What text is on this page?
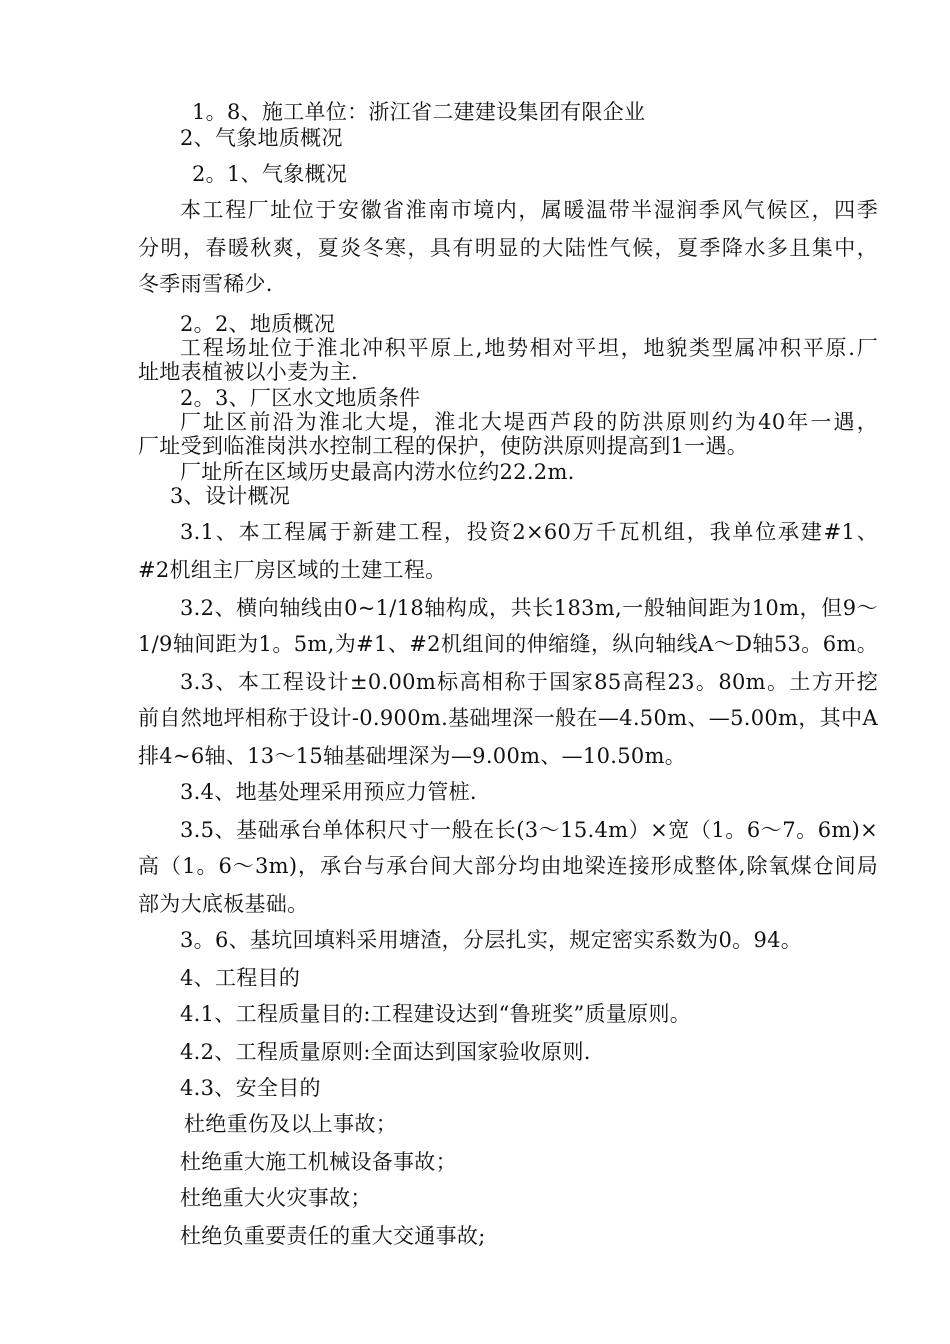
1。8、施工单位：浙江省二建建设集团有限企业
2、气象地质概况
2。1、气象概况
本工程厂址位于安徽省淮南市境内，属暖温带半湿润季风气候区，四季
分明，春暖秋爽，夏炎冬寒，具有明显的大陆性气候，夏季降水多且集中，
冬季雨雪稀少.
2。2、地质概况
工程场址位于淮北冲积平原上,地势相对平坦，地貌类型属冲积平原.厂
址地表植被以小麦为主.
2。3、厂区水文地质条件
厂址区前沿为淮北大堤，淮北大堤西芦段的防洪原则约为40年一遇，
厂址受到临淮岗洪水控制工程的保护，使防洪原则提高到1一遇。
厂址所在区域历史最高内涝水位约22.2m.
3、设计概况
3.1、本工程属于新建工程，投资2×60万千瓦机组，我单位承建#1、
#2机组主厂房区域的土建工程。
3.2、横向轴线由0~1/18轴构成，共长183m,一般轴间距为10m，但9～
1/9轴间距为1。5m,为#1、#2机组间的伸缩缝，纵向轴线A～D轴53。6m。
3.3、本工程设计±0.00m标高相称于国家85高程23。80m。土方开挖
前自然地坪相称于设计-0.900m.基础埋深一般在—4.50m、—5.00m，其中A
排4~6轴、13～15轴基础埋深为—9.00m、—10.50m。
3.4、地基处理采用预应力管桩.
3.5、基础承台单体积尺寸一般在长(3～15.4m）×宽（1。6～7。6m)×
高（1。6～3m)，承台与承台间大部分均由地梁连接形成整体,除氧煤仓间局
部为大底板基础。
3。6、基坑回填料采用塘渣，分层扎实，规定密实系数为0。94。
4、工程目的
4.1、工程质量目的:工程建设达到“鲁班奖”质量原则。
4.2、工程质量原则:全面达到国家验收原则.
4.3、安全目的
杜绝重伤及以上事故；
杜绝重大施工机械设备事故；
杜绝重大火灾事故；
杜绝负重要责任的重大交通事故;
